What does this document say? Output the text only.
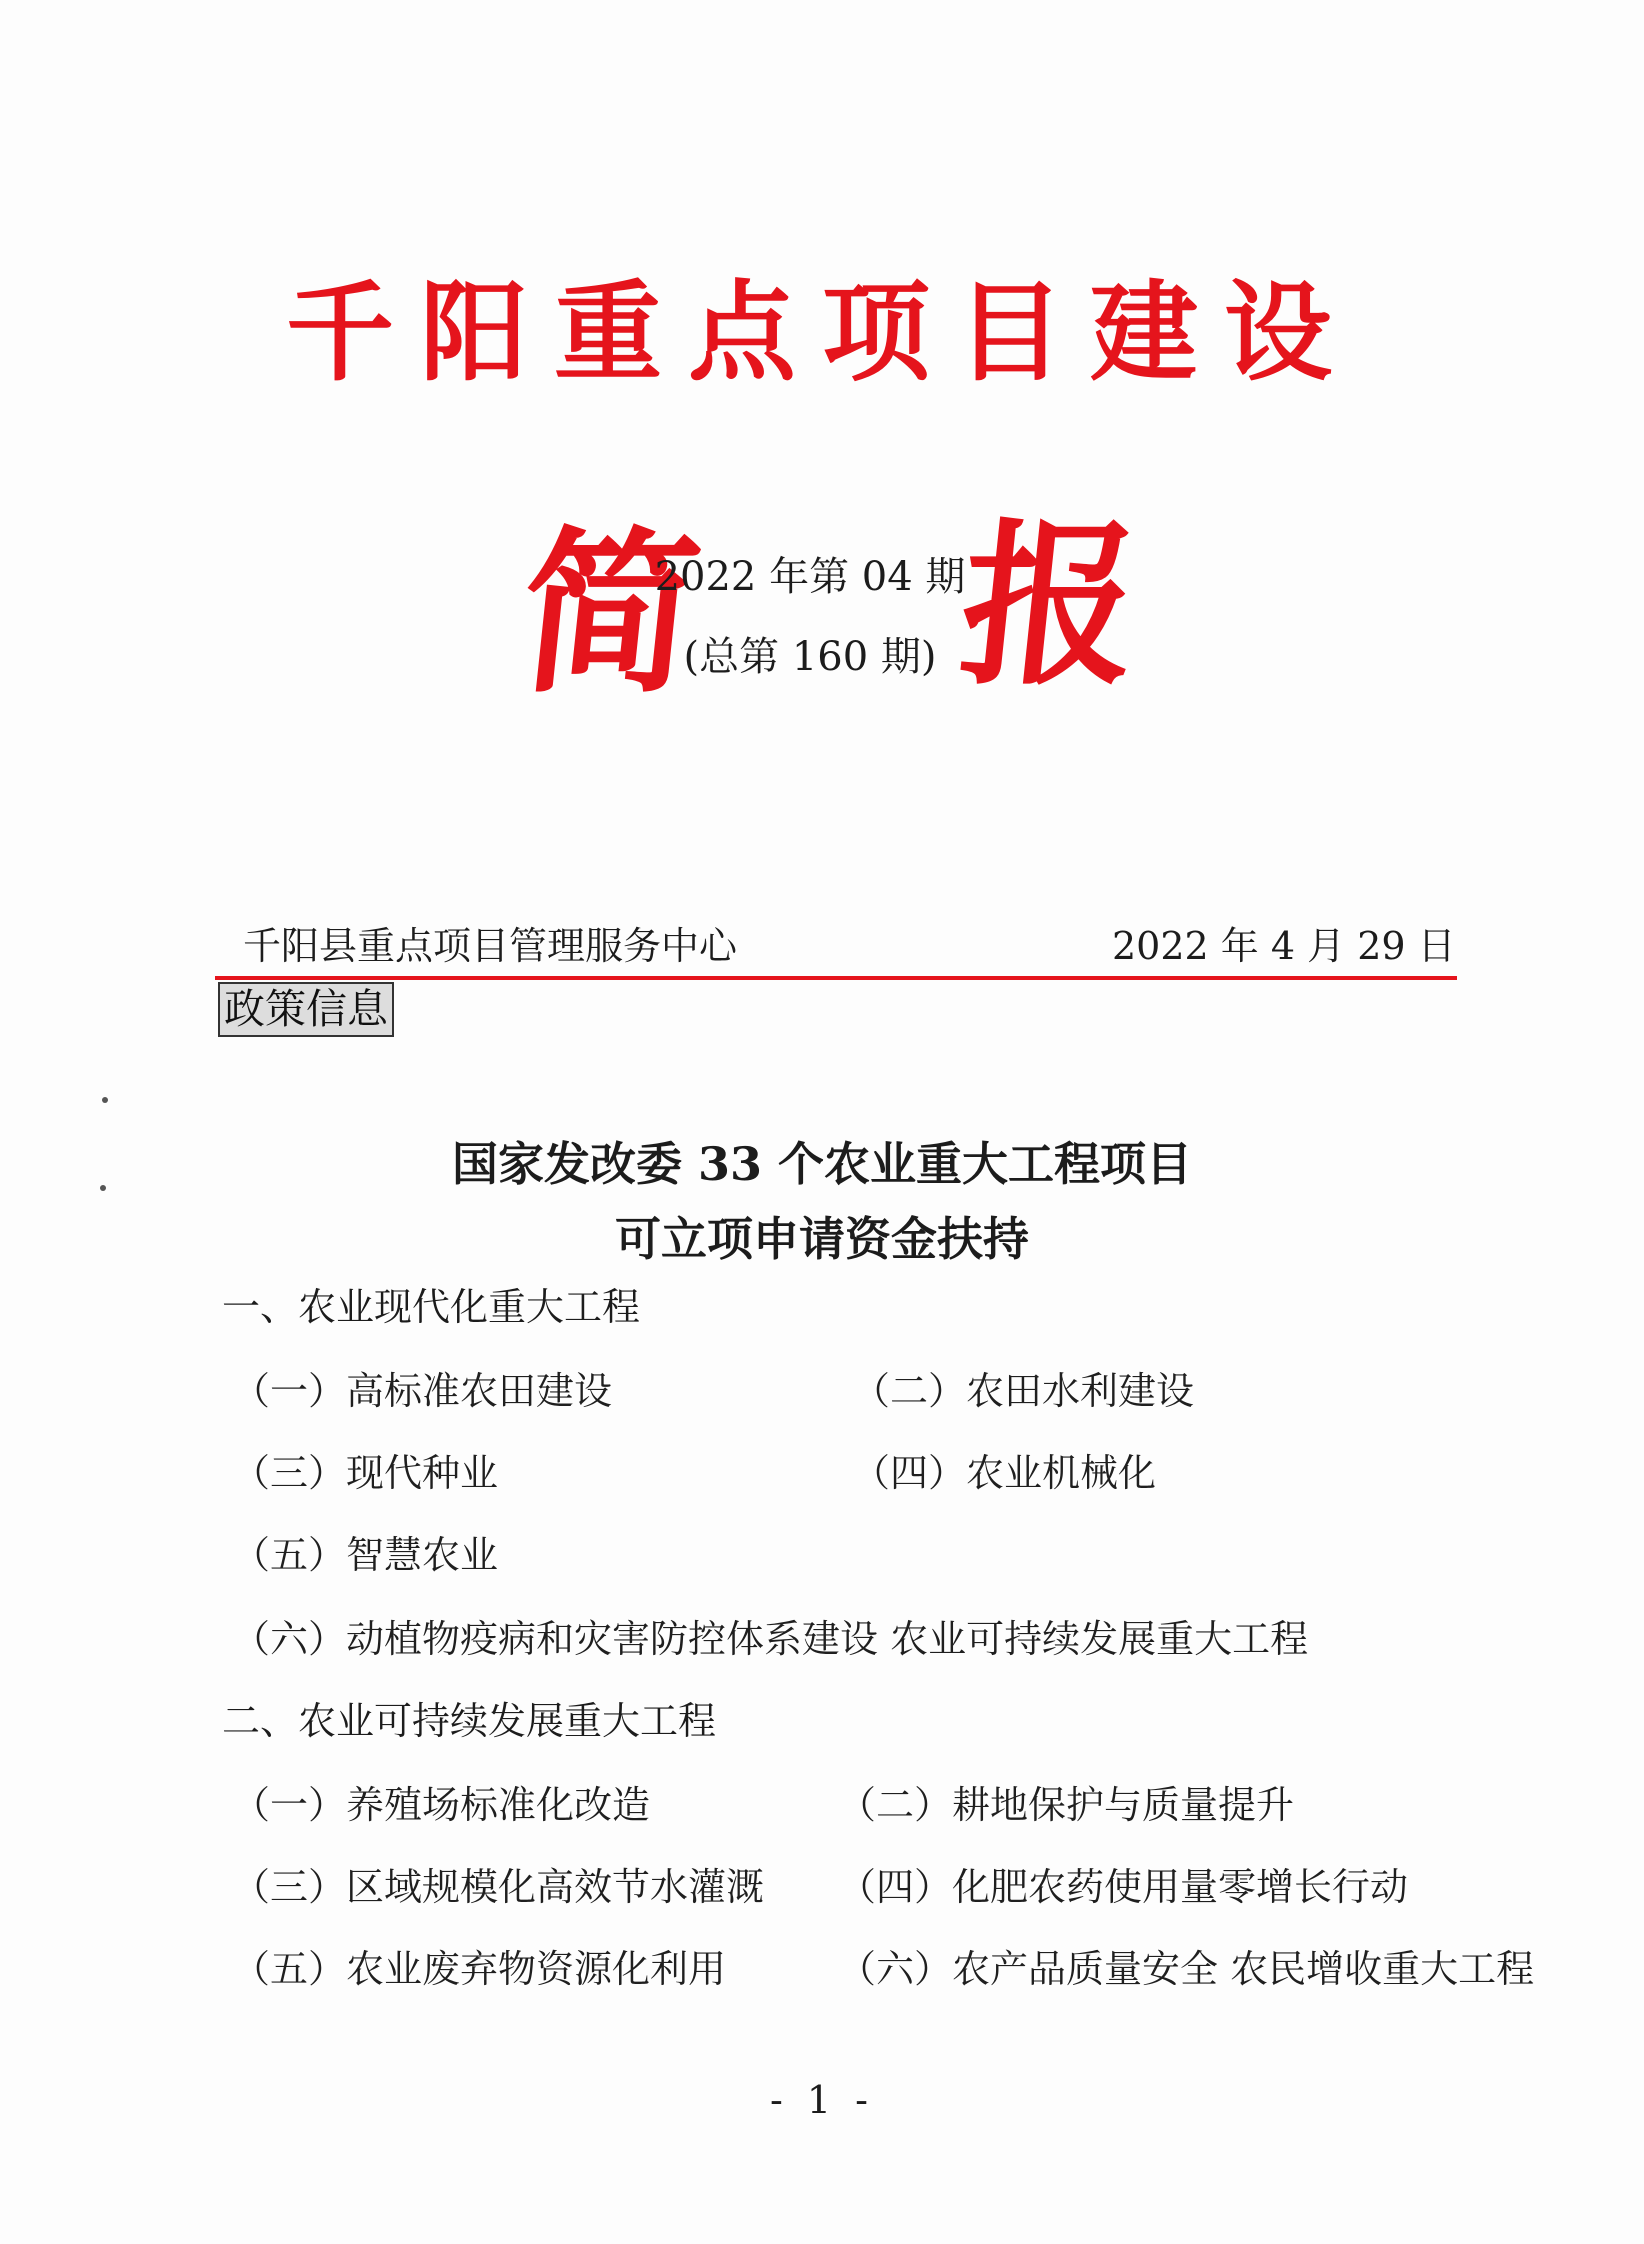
千阳重点项目建设
简
2022 年第 04 期
(总第 160 期) 报
千阳县重点项目管理服务中心	2022 年 4 月 29 日
政策信息
国家发改委 33 个农业重大工程项目
可立项申请资金扶持
一、农业现代化重大工程
（一）高标准农田建设	（二）农田水利建设
（三）现代种业	（四）农业机械化
（五）智慧农业
（六）动植物疫病和灾害防控体系建设 农业可持续发展重大工程
二、农业可持续发展重大工程
（一）养殖场标准化改造	（二）耕地保护与质量提升
（三）区域规模化高效节水灌溉 （四）化肥农药使用量零增长行动
（五）农业废弃物资源化利用	（六）农产品质量安全 农民增收重大工程
- 1 -
